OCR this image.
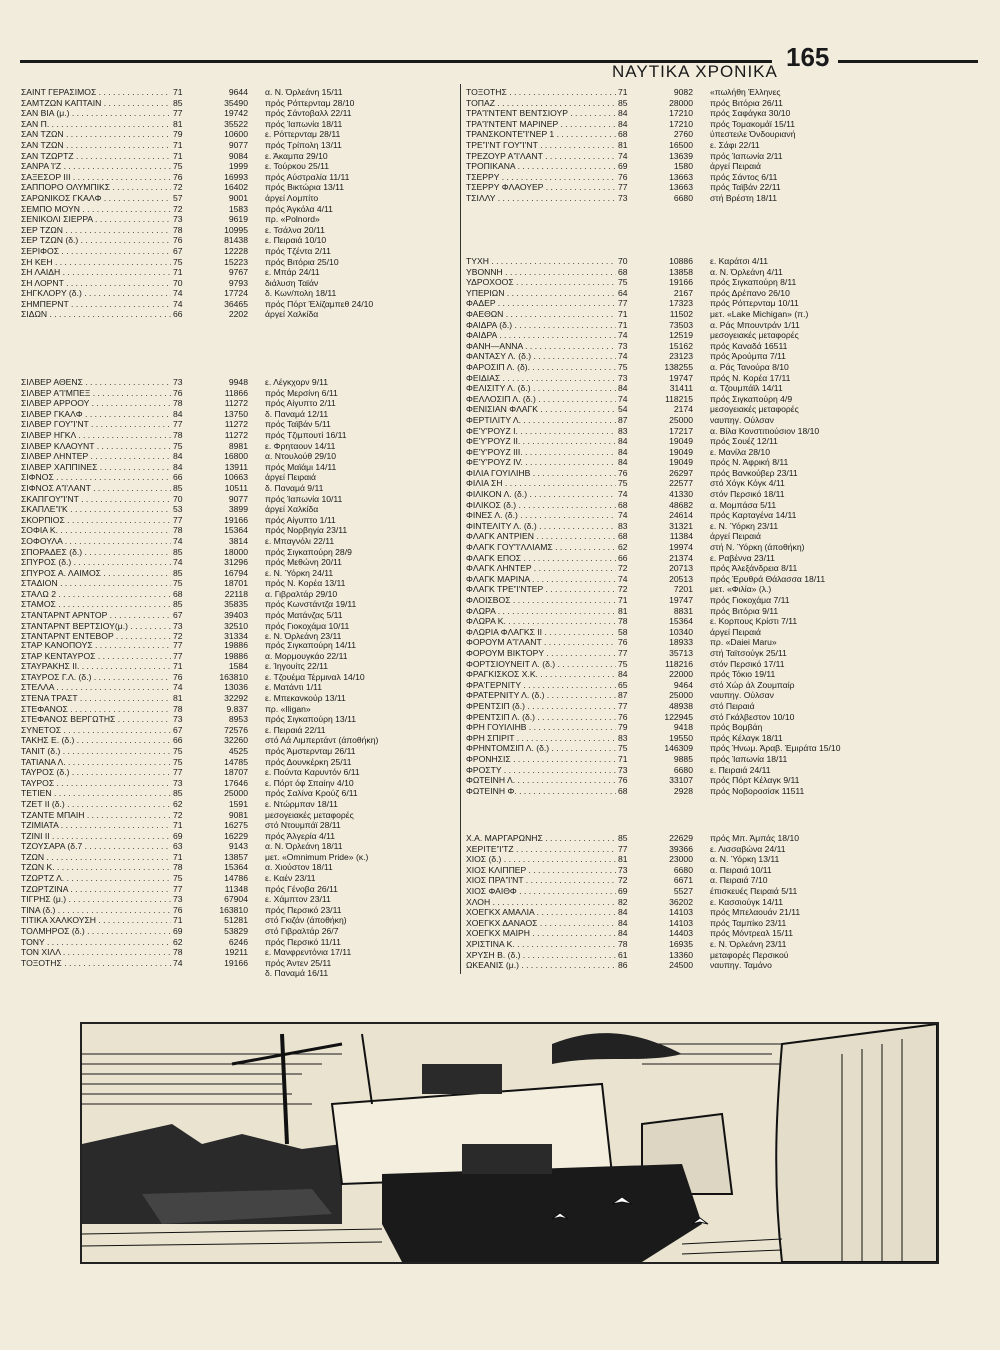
ΝΑΥΤΙΚΑ ΧΡΟΝΙΚΑ 165
ΣΑΙΝΤ ΓΕΡΑΣΙΜΟΣ . . .	71	9644 α. Ν. Όρλεάνη 15/11
ΣΑΜΤΖΩΝ ΚΑΠΤΑΙΝ . . .	85	35490 πρός Ρόττερνταμ 28/10
ΣΑΝ ΒΙΑ (μ.) . . .	77	19742 πρός Σάντοβαλλ 22/11
ΣΑΝ Π. . . .	81	35522 πρός Ίαπωνία 18/11
ΣΑΝ ΤΖΩΝ . . .	79	10600 ε. Ρόττερνταμ 28/11
ΣΑΝ ΤΖΩΝ . . .	71	9077 πρός Τρίπολη 13/11
ΣΑΝ ΤΖΩΡΤΖ . . .	71	9084 ε. Άκαμπα 29/10
ΣΑΝΡΑ Ί'Ζ . . .	75	1999 ε. Τούρκου 25/11
ΣΑΞΕΣΟΡ III . . .	76	16993 πρός Αύστραλία 11/11
ΣΑΠΠΟΡΟ ΟΛΥΜΠΙΚΣ . . .	72	16402 πρός Βικτώρια 13/11
ΣΑΡΩΝΙΚΟΣ ΓΚΑΛΦ . . .	57	9001 άργεί Λομπίτο
ΣΕΜΠΟ ΜΟΥΝ . . .	72	1583 πρός Άγκόλα 4/11
ΣΕΝΙΚΟΛΙ ΣΙΕΡΡΑ . . .	73	9619 πρ. «Polnord»
ΣΕΡ ΤΖΩΝ . . .	78	10995 ε. Τσάλνα 20/11
ΣΕΡ ΤΖΩΝ (δ.) . . .	76	81438 ε. Πειραιά 10/10
ΣΕΡΙΦΟΣ . . .	67	12228 πρός Τζέντα 2/11
ΣΗ ΚΕΗ . . .	75	15223 πρός Βιτόρια 25/10
ΣΗ ΛΑΙΔΗ . . .	71	9767 ε. Μπάρ 24/11
ΣΗ ΛΟΡΝΤ . . .	70	9793 διάλυση Ταϊάν
ΣΗΓΚΛΟΡΥ (δ.) . . .	74	17724 δ. Κων/πολη 18/11
ΣΗΜΠΕΡΝΤ . . .	74	36465 πρός Πόρτ Έλίζαμπεθ 24/10
ΣΙΔΩΝ . . .	66	2202 άργεί Χαλκίδα
ΣΙΛΒΕΡ ΑΘΕΝΣ . . .	73	9948 ε. Λέγκχορν 9/11
ΣΙΛΒΕΡ Α'Ί'ΜΠΕΞ . . .	76	11866 πρός Μερσίνη 6/11
ΣΙΛΒΕΡ ΑΡΡΟΟΥ . . .	78	11272 πρός Αίγυπτο 2/11
ΣΙΛΒΕΡ ΓΚΑΛΦ . . .	84	13750 δ. Παναμά 12/11
ΣΙΛΒΕΡ ΓΟΥ'Ί'ΝΤ . . .	77	11272 πρός Ταϊβάν 5/11
ΣΙΛΒΕΡ ΗΓΚΛ . . .	78	11272 πρός Τζιμπουτί 16/11
ΣΙΛΒΕΡ ΚΛΑΟΥΝΤ . . .	75	8981 ε. Φρηταουν 14/11
ΣΙΛΒΕΡ ΛΗΝΤΕΡ . . .	84	16800 α. Ντουλούθ 29/10
ΣΙΛΒΕΡ ΧΑΠΠΙΝΕΣ . . .	84	13911 πρός Μαϊάμι 14/11
ΣΙΦΝΟΣ . . .	66	10663 άργεί Πειραιά
ΣΙΦΝΟΣ Α'Ί'ΛΑΝΤ . . .	85	10511 δ. Παναμά 9/11
ΣΚΑΠΓΟΥ'Ί'ΝΤ . . .	70	9077 πρός Ίαπωνία 10/11
ΣΚΑΠΛΕ'Ί'Κ . . .	53	3899 άργεί Χαλκίδα
ΣΚΟΡΠΙΟΣ . . .	77	19166 πρός Αίγυπτο 1/11
ΣΟΦΙΑ Κ. . . .	78	15364 πρός Νορβηγία 23/11
ΣΟΦΟΥΛΑ . . .	74	3814 ε. Μπαγνόλι 22/11
ΣΠΟΡΑΔΕΣ (δ.) . . .	85	18000 πρός Σιγκαπούρη 28/9
ΣΠΥΡΟΣ (δ.) . . .	74	31296 πρός Μεθώνη 20/11
ΣΠΥΡΟΣ Α. ΛΑΙΜΟΣ . . .	85	16794 ε. Ν. Ύόρκη 24/11
ΣΤΑΔΙΟΝ . . .	75	18701 πρός Ν. Κορέα 13/11
ΣΤΑΛΩ 2 . . .	68	22118 α. Γιβραλτάρ 29/10
ΣΤΑΜΟΣ . . .	85	35835 πρός Κωνστάντζα 19/11
ΣΤΑΝΤΑΡΝΤ ΑΡΝΤΟΡ . . .	67	39403 πρός Ματάνζας 5/11
ΣΤΑΝΤΑΡΝΤ ΒΕΡΤΣΙΟΥ(μ.) . . .	73	32510 πρός Γιοκοχάμα 10/11
ΣΤΑΝΤΑΡΝΤ ΕΝΤΕΒΟΡ . . .	72	31334 ε. Ν. Όρλεάνη 23/11
ΣΤΑΡ ΚΑΝΟΠΟΥΣ . . .	77	19886 πρός Σιγκαπούρη 14/11
ΣΤΑΡ ΚΕΝΤΑΥΡΟΣ . . .	77	19886 α. Μορμουγκάο 22/11
ΣΤΑΥΡΑΚΗΣ ΙΙ. . . .	71	1584 ε. Ίηγουίτς 22/11
ΣΤΑΥΡΟΣ Γ.Λ. (δ.) . . .	76	163810 ε. Τζουέμα Τέρμιναλ 14/10
ΣΤΕΛΛΑ . . .	74	13036 ε. Ματάντι 1/11
ΣΤΕΝΑ ΤΡΑΣΤ . . .	81	32292 ε. Μπεκανκούρ 13/11
ΣΤΕΦΑΝΟΣ . . .	78	9.837 πρ. «Iligan»
ΣΤΕΦΑΝΟΣ ΒΕΡΓΩΤΗΣ . . .	73	8953 πρός Σιγκαπούρη 13/11
ΣΥΝΕΤΟΣ . . .	67	72576 ε. Πειραιά 22/11
ΤΑΚΗΣ Ε. (δ.) . . .	66	32260 στό Λά Λιμπερτάντ (άποθήκη)
ΤΑΝΙΤ (δ.) . . .	75	4525 πρός Άμστερνταμ 26/11
ΤΑΤΙΑΝΑ Λ. . . .	75	14785 πρός Δουνκέρκη 25/11
ΤΑΥΡΟΣ (δ.) . . .	77	18707 ε. Πούντα Καρυντόν 6/11
ΤΑΥΡΟΣ . . .	73	17646 ε. Πόρτ όφ Σπαίην 4/10
ΤΕΤΙΕΝ . . .	85	25000 πρός Σαλίνα Κρούζ 6/11
ΤΖΕΤ II (δ.) . . .	62	1591 ε. Ντώρμπαν 18/11
ΤΖΑΝΤΕ ΜΠΑΙΗ . . .	72	9081 μεσογειακές μεταφορές
ΤΖΙΜΙΑΤΑ . . .	71	16275 στό Ντουμπάϊ 28/11
ΤΖΙΝΙ II . . .	69	16229 πρός Άλγερία 4/11
ΤΖΟΥΣΑΡΑ (δ.7 . . .	63	9143 α. Ν. Όρλεάνη 18/11
ΤΖΩΝ . . .	71	13857 μετ. «Omnimum Pride» (κ.)
ΤΖΩΝ Κ. . . .	78	15364 α. Χιούστον 18/11
ΤΖΩΡΤΖ Λ. . . .	75	14786 ε. Καέν 23/11
ΤΖΩΡΤΖΙΝΑ . . .	77	11348 πρός Γένοβα 26/11
ΤΙΓΡΗΣ (μ.) . . .	73	67904 ε. Χάμπτον 23/11
ΤΙΝΑ (δ.) . . .	76	163810 πρός Περσικό 23/11
ΤΙΤΙΚΑ ΧΑΛΚΟΥΣΗ . . .	71	51281 στό Γκιζάν (άποθήκη)
ΤΟΛΜΗΡΟΣ (δ.) . . .	69	53829 στό Γιβραλτάρ 26/7
ΤΟΝΥ . . .	62	6246 πρός Περσικό 11/11
ΤΟΝ ΧΙΛΛ . . .	78	19211 ε. Μανφρεντόνια 17/11
ΤΟΞΟΤΗΣ . . .	74	19166 πρός Άντεν 25/11
δ. Παναμά 16/11
ΤΟΞΟΤΗΣ . . .	71	9082 «πωλήθη Έλληνες
ΤΟΠΑΖ . . .	85	28000 πρός Βιτόρια 26/11
ΤΡΑ'Ί'ΝΤΕΝΤ ΒΕΝΤΣΙΟΥΡ . . .	84	17210 πρός Σαφάγκα 30/10
ΤΡΑ'Ί'ΝΤΕΝΤ ΜΑΡΙΝΕΡ . . .	84	17210 πρός Τομακομάϊ 15/11
ΤΡΑΝΣΚΟΝΤΕ'Ί'ΝΕΡ 1 . . .	68	2760 ύπεστειλε Όνδουριανή
ΤΡΕ'Ί'ΝΤ ΓΟΥ'Ί'ΝΤ . . .	81	16500 ε. Σάφι 22/11
ΤΡΕΖΟΥΡ Α'Ί'ΛΑΝΤ . . .	74	13639 πρός Ίαπωνία 2/11
ΤΡΟΠΙΚΑΝΑ . . .	69	1580 άργεί Πειραιά
ΤΣΕΡΡΥ . . .	76	13663 πρός Σάντος 6/11
ΤΣΕΡΡΥ ΦΛΑΟΥΕΡ . . .	77	13663 πρός Ταϊβάν 22/11
ΤΣΙΛΛΥ . . .	73	6680 στή Βρέστη 18/11
ΤΥΧΗ . . .	70	10886 ε. Καράτσι 4/11
ΥΒΟΝΝΗ . . .	68	13858 α. Ν. Όρλεάνη 4/11
ΥΔΡΟΧΟΟΣ . . .	75	19166 πρός Σιγκαπούρη 8/11
ΥΠΕΡΙΩΝ . . .	64	2167 πρός Δρέπανο 26/10
ΦΑΔΕΡ . . .	77	17323 πρός Ρόττερνταμ 10/11
ΦΑΕΘΩΝ . . .	71	11502 μετ. «Lake Michigan» (π.)
ΦΑΙΔΡΑ (δ.) . . .	71	73503 α. Ράς Μπουντράν 1/11
ΦΑΙΔΡΑ . . .	74	12519 μεσογειακές μεταφορές
ΦΑΝΗ—ΑΝΝΑ . . .	73	15162 πρός Καναδά 16511
ΦΑΝΤΑΣΥ Λ. (δ.) . . .	74	23123 πρός Άρούμπα 7/11
ΦΑΡΟΣΙΠ Λ. (δ). . . .	75	138255 α. Ράς Τανούρα 8/10
ΦΕΙΔΙΑΣ . . .	73	19747 πρός Ν. Κορέα 17/11
ΦΕΛΙΣΙΤΥ Λ. (δ.) . . .	84	31411 α. Τζουμπάϊλ 14/11
ΦΕΛΛΟΣΙΠ Λ. (δ.) . . .	74	118215 πρός Σιγκαπούρη 4/9
ΦΕΝΙΣΙΑΝ ΦΛΑΓΚ . . .	54	2174 μεσογειακές μεταφορές
ΦΕΡΤΙΛΙΤΥ Λ. . . .	87	25000 ναυπηγ. Ούλσαν
ΦΕ'Υ'ΡΟΥΖ Ι. . . .	83	17217 α. Βίλα Κονστιτιούσιον 18/10
ΦΕ'Υ'ΡΟΥΖ ΙΙ. . . .	84	19049 πρός Σουέζ 12/11
ΦΕ'Υ'ΡΟΥΖ ΙΙΙ. . . .	84	19049 ε. Μανίλα 28/10
ΦΕ'Υ'ΡΟΥΖ IV. . . .	84	19049 πρός Ν. Άφρική 8/11
ΦΙΛΙΑ ΓΟΥΙΛΙΗΒ . . .	76	26297 πρός Βανκούβερ 23/11
ΦΙΛΙΑ ΣΗ . . .	75	22577 στό Χόγκ Κόγκ 4/11
ΦΙΛΙΚΟΝ Λ. (δ.) . . .	74	41330 στόν Περσικό 18/11
ΦΙΛΙΚΟΣ (δ.) . . .	68	48682 α. Μομπάσα 5/11
ΦΙΝΕΣ Λ. (δ.) . . .	74	24614 πρός Καρταγένα 14/11
ΦΙΝΤΕΛΙΤΥ Λ. (δ.) . . .	83	31321 ε. Ν. Ύόρκη 23/11
ΦΛΑΓΚ ΑΝΤΡΙΕΝ . . .	68	11384 άργεί Πειραιά
ΦΛΑΓΚ ΓΟΥ'Ί'ΛΛΙΑΜΣ . . .	62	19974 στή Ν. Ύόρκη (άποθήκη)
ΦΛΑΓΚ ΕΠΟΣ . . .	66	21374 ε. Ραβέννα 23/11
ΦΛΑΓΚ ΛΗΝΤΕΡ . . .	72	20713 πρός Άλεξάνδρεια 8/11
ΦΛΑΓΚ ΜΑΡΙΝΑ . . .	74	20513 πρός Έρυθρά Θάλασσα 18/11
ΦΛΑΓΚ ΤΡΕ'Ί'ΝΤΕΡ . . .	72	7201 μετ. «Φιλία» (λ.)
ΦΛΟΙΣΒΟΣ . . .	71	19747 πρός Γιοκοχάμα 7/11
ΦΛΩΡΑ . . .	81	8831 πρός Βιτόρια 9/11
ΦΛΩΡΑ Κ. . . .	78	15364 ε. Κορπους Κρίστι 7/11
ΦΛΩΡΙΑ ΦΛΑΓΚΣ ΙΙ . . .	58	10340 άργεί Πειραιά
ΦΟΡΟΥΜ Α'Ί'ΛΑΝΤ . . .	76	18933 πρ. «Daiei Maru»
ΦΟΡΟΥΜ ΒΙΚΤΟΡΥ . . .	77	35713 στή Ταϊτσούγκ 25/11
ΦΟΡΤΣΙΟΥΝΕΙΤ Λ. (δ.) . . .	75	118216 στόν Περσικό 17/11
ΦΡΑΓΚΙΣΚΟΣ Χ.Κ. . . .	84	22000 πρός Τόκιο 19/11
ΦΡΑ'ΓΕΡΝΙΤΥ . . .	65	9464 στό Χώρ άλ Ζουμπαίρ
ΦΡΑΤΕΡΝΙΤΥ Λ. (δ.) . . .	87	25000 ναυπηγ. Ούλσαν
ΦΡΕΝΤΣΙΠ (δ.) . . .	77	48938 στό Πειραιά
ΦΡΕΝΤΣΙΠ Λ. (δ.) . . .	76	122945 στό Γκάλβεστον 10/10
ΦΡΗ ΓΟΥΙΛΙΗΒ . . .	79	9418 πρός Βομβάη
ΦΡΗ ΣΠΙΡΙΤ . . .	83	19550 πρός Κέλαγκ 18/11
ΦΡΗΝΤΟΜΣΙΠ Λ. (δ.) . . .	75	146309 πρός Ήνωμ. Άραβ. Έμιράτα 15/10
ΦΡΟΝΗΣΙΣ . . .	71	9885 πρός Ίαπωνία 18/11
ΦΡΟΣΤΥ . . .	73	6680 ε. Πειραιά 24/11
ΦΩΤΕΙΝΗ Λ. . . .	76	33107 πρός Πόρτ Κέλαγκ 9/11
ΦΩΤΕΙΝΗ Φ. . . .	68	2928 πρός Νοβοροσίσκ 11511
Χ.Α. ΜΑΡΓΑΡΩΝΗΣ . . .	85	22629 πρός Μπ. Άμπάς 18/10
ΧΕΡΙΤΕ'Ί'ΤΖ . . .	77	39366 ε. Λισσαβώνα 24/11
ΧΙΟΣ (δ.) . . .	81	23000 α. Ν. Ύόρκη 13/11
ΧΙΟΣ ΚΛΙΠΠΕΡ . . .	73	6680 α. Πειραιά 10/11
ΧΙΟΣ ΠΡΑ'Ί'ΝΤ . . .	72	6671 α. Πειραιά 7/10
ΧΙΟΣ ΦΑΙΘΦ . . .	69	5527 έπισκευές Πειραιά 5/11
ΧΛΟΗ . . .	82	36202 ε. Κασσιούγκ 14/11
ΧΟΕΓΚΧ ΑΜΑΛΙΑ . . .	84	14103 πρός Μπελαουάν 21/11
ΧΟΕΓΚΧ ΔΑΝΑΟΣ . . .	84	14103 πρός Ταμπίκο 23/11
ΧΟΕΓΚΧ ΜΑΙΡΗ . . .	84	14403 πρός Μόντρεαλ 15/11
ΧΡΙΣΤΙΝΑ Κ. . . .	78	16935 ε. Ν. Όρλεάνη 23/11
ΧΡΥΣΗ Β. (δ.) . . .	61	13360 μεταφορές Περσικού
ΩΚΕΑΝΙΣ (μ.) . . .	86	24500 ναυπηγ. Ταμάνο
